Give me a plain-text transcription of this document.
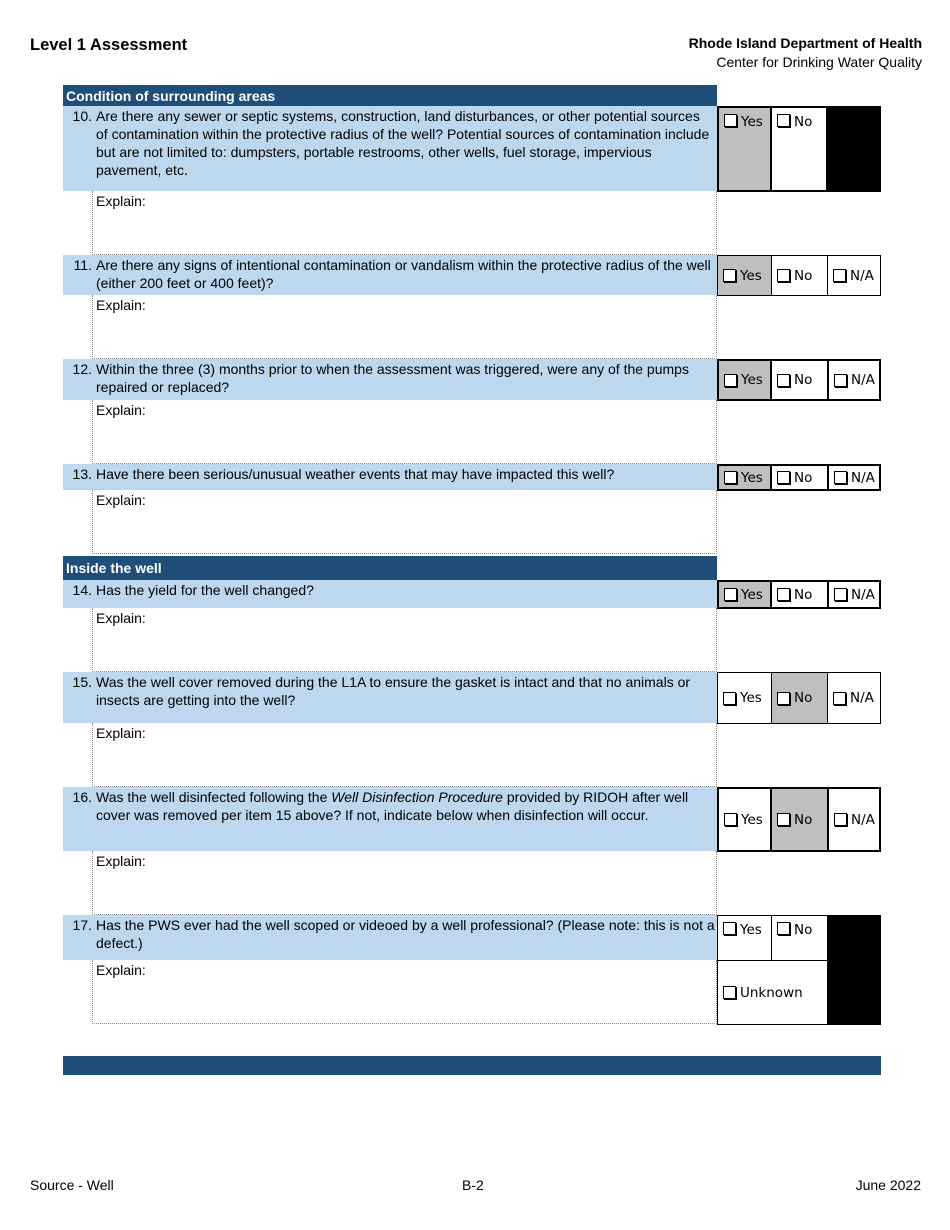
Level 1 Assessment	Rhode Island Department of Health
Center for Drinking Water Quality
Condition of surrounding areas
10. Are there any sewer or septic systems, construction, land disturbances, or other potential sources of contamination within the protective radius of the well? Potential sources of contamination include but are not limited to: dumpsters, portable restrooms, other wells, fuel storage, impervious pavement, etc.
Explain:
Yes No
11. Are there any signs of intentional contamination or vandalism within the protective radius of the well (either 200 feet or 400 feet)?
Explain:
Yes No	N/A
12. Within the three (3) months prior to when the assessment was triggered, were any of the pumps repaired or replaced?
Explain:
Yes No	N/A
13. Have there been serious/unusual weather events that may have impacted this well?
Explain:
Yes No	N/A
Inside the well
14. Has the yield for the well changed?
Explain:
Yes No	N/A
15. Was the well cover removed during the L1A to ensure the gasket is intact and that no animals or insects are getting into the well?
Explain:
Yes No	N/A
16. Was the well disinfected following the Well Disinfection Procedure provided by RIDOH after well cover was removed per item 15 above? If not, indicate below when disinfection will occur.
Explain:
Yes No	N/A
17. Has the PWS ever had the well scoped or videoed by a well professional? (Please note: this is not a defect.)
Explain:
Yes No
Unknown
Source - Well	B-2	June 2022
